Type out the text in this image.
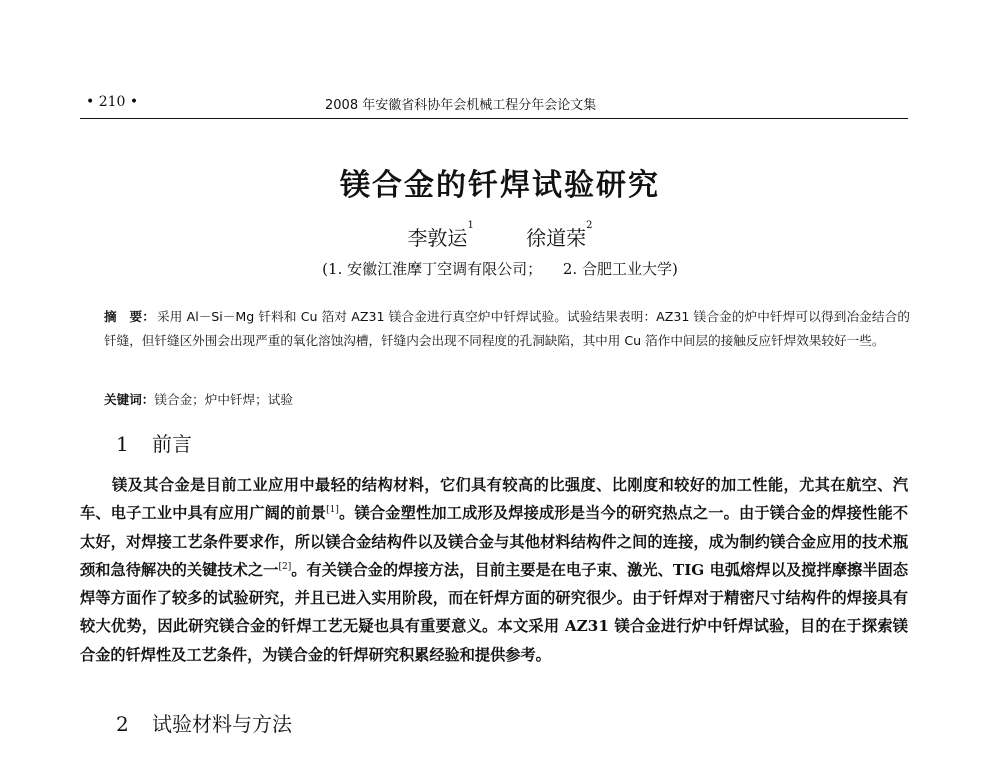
• 210 •	2008 年安徽省科协年会机械工程分年会论文集
镁合金的钎焊试验研究
李敦运$^1$ 徐道荣$^2$
(1. 安徽江淮摩丁空调有限公司； 2. 合肥工业大学)
摘　要： 采用 Al－Si－Mg 钎料和 Cu 箔对 AZ31 镁合金进行真空炉中钎焊试验。试验结果表明：AZ31 镁合金的炉中钎焊可以得到冶金结合的钎缝，但钎缝区外围会出现严重的氧化溶蚀沟槽，钎缝内会出现不同程度的孔洞缺陷，其中用 Cu 箔作中间层的接触反应钎焊效果较好一些。
关键词：镁合金；炉中钎焊；试验
1 前言

镁及其合金是目前工业应用中最轻的结构材料，它们具有较高的比强度、比刚度和较好的加工性能，尤其在航空、汽车、电子工业中具有应用广阔的前景[1]。镁合金塑性加工成形及焊接成形是当今的研究热点之一。由于镁合金的焊接性能不太好，对焊接工艺条件要求作，所以镁合金结构件以及镁合金与其他材料结构件之间的连接，成为制约镁合金应用的技术瓶颈和急待解决的关键技术之一[2]。有关镁合金的焊接方法，目前主要是在电子束、激光、TIG 电弧熔焊以及搅拌摩擦半固态焊等方面作了较多的试验研究，并且已进入实用阶段，而在钎焊方面的研究很少。由于钎焊对于精密尺寸结构件的焊接具有较大优势，因此研究镁合金的钎焊工艺无疑也具有重要意义。本文采用 AZ31 镁合金进行炉中钎焊试验，目的在于探索镁合金的钎焊性及工艺条件，为镁合金的钎焊研究积累经验和提供参考。

2 试验材料与方法
